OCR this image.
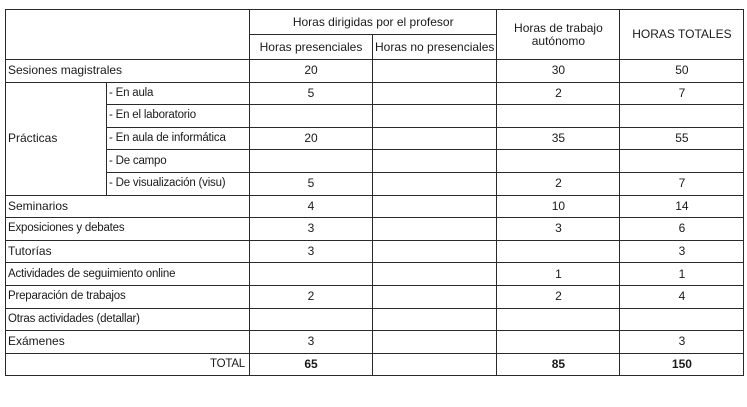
		Horas dirigidas por el profesor		Horas de trabajo autónomo	HORAS TOTALES
		Horas presenciales	Horas no presenciales		
Sesiones magistrales		20		30	50
Prácticas	- En aula	5		2	7
	- En el laboratorio				
	- En aula de informática	20		35	55
	- De campo				
	- De visualización (visu)	5		2	7
Seminarios		4		10	14
Exposiciones y debates		3		3	6
Tutorías		3			3
Actividades de seguimiento online				1	1
Preparación de trabajos		2		2	4
Otras actividades (detallar)					
Exámenes		3			3
TOTAL		65		85	150
